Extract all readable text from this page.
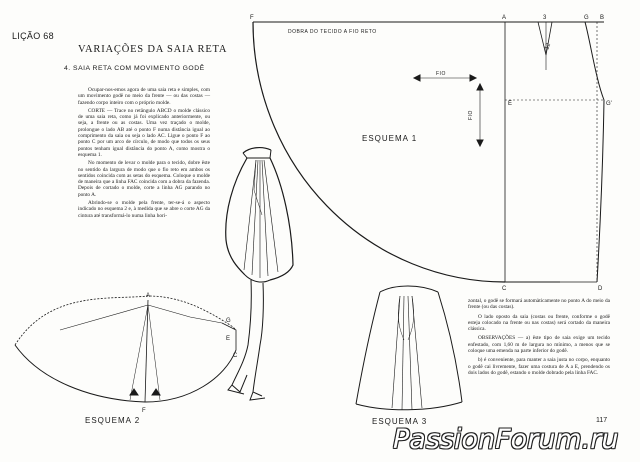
LIÇÃO 68
VARIAÇÕES DA SAIA RETA
4. SAIA RETA COM MOVIMENTO GODÊ

Ocupar-nos-emos agora de uma saia reta e simples, com um movimento godê no meio da frente — ou das costas — fazendo corpo inteiro com o próprio molde.

CORTE — Trace no retângulo ABCD o molde clássico de uma saia reta, como já foi explicado anteriormente, ou seja, a frente ou as costas. Uma vez traçado o molde, prolongue o lado AB até o ponto F numa distância igual ao comprimento da saia ou seja o lado AC. Ligue o ponto F ao ponto C por um arco de círculo, de modo que todos os seus pontos tenham igual distância do ponto A, como mostra o esquema 1.

No momento de levar o molde para o tecido, dobre êste no sentido da largura de modo que o fio reto em ambos os sentidos coincida com as setas do esquema. Coloque o molde de maneira que a linha FAC coincida com a dobra da fazenda. Depois de cortado o molde, corte a linha AG parando no ponto A.

Abrindo-se o molde pela frente, ter-se-á o aspecto indicado no esquema 2 e, à medida que se abre o corte AG da cintura até transformá-lo numa linha hori-

DOBRA DO TECIDO A FIO RETO
FIO
FIO
ESQUEMA 1
F	A	3	G B
12
E	G'
C	D
A
G
E
F
C
ESQUEMA 2	ESQUEMA 3

zontal, o godê se formará automàticamente no ponto A do meio da frente (ou das costas).

O lado oposto da saia (costas ou frente, conforme o godê esteja colocado na frente ou nas costas) será cortado da maneira clássica.

OBSERVAÇÕES — a) êste tipo de saia exige um tecido enfestado, com 1,60 m de largura no mínimo, a menos que se coloque uma emenda na parte inferior do godê.

b) é conveniente, para manter a saia justa no corpo, enquanto o godê cai livremente, fazer uma costura de A a E, prendendo os dois lados do godê, estando o molde dobrado pela linha FAC.

117
PassionForum.ru
